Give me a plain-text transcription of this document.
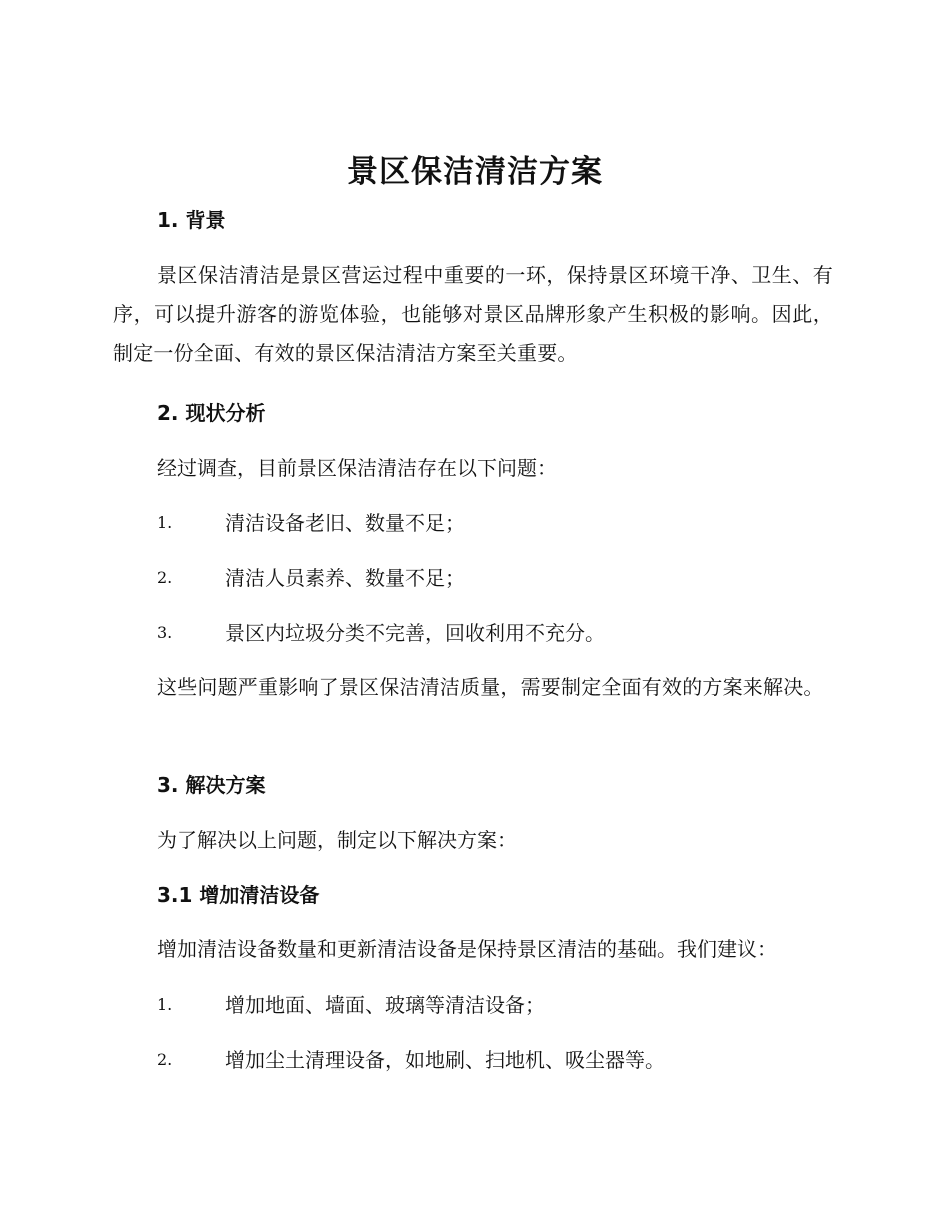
景区保洁清洁方案
1. 背景
景区保洁清洁是景区营运过程中重要的一环，保持景区环境干净、卫生、有序，可以提升游客的游览体验，也能够对景区品牌形象产生积极的影响。因此，制定一份全面、有效的景区保洁清洁方案至关重要。
2. 现状分析
经过调查，目前景区保洁清洁存在以下问题：
1.	清洁设备老旧、数量不足；
2.	清洁人员素养、数量不足；
3.	景区内垃圾分类不完善，回收利用不充分。
这些问题严重影响了景区保洁清洁质量，需要制定全面有效的方案来解决。
3. 解决方案
为了解决以上问题，制定以下解决方案：
3.1 增加清洁设备
增加清洁设备数量和更新清洁设备是保持景区清洁的基础。我们建议：
1.	增加地面、墙面、玻璃等清洁设备；
2.	增加尘土清理设备，如地刷、扫地机、吸尘器等。
